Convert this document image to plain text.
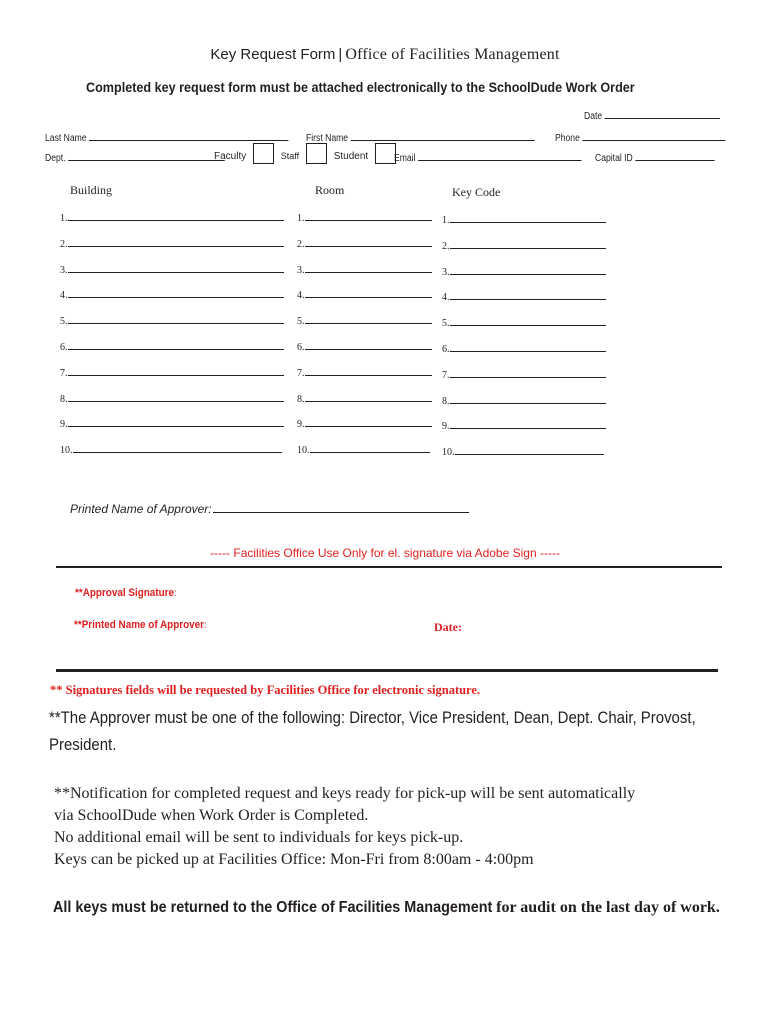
Key Request Form | Office of Facilities Management
Completed key request form must be attached electronically to the SchoolDude Work Order
Date
Last Name	First Name	Phone
Dept.	Faculty	Staff	Student	Email	Capital ID
Building	Room	Key Code
1.	1.	1.
2.	2.	2.
3.	3.	3.
4.	4.	4.
5.	5.	5.
6.	6.	6.
7.	7.	7.
8.	8.	8.
9.	9.	9.
10.	10.	10.
Printed Name of Approver:
----- Facilities Office Use Only for el. signature via Adobe Sign -----
**Approval Signature:
**Printed Name of Approver:	Date:
** Signatures fields will be requested by Facilities Office for electronic signature.
**The Approver must be one of the following: Director, Vice President, Dean, Dept. Chair, Provost, President.
**Notification for completed request and keys ready for pick-up will be sent automatically
via SchoolDude when Work Order is Completed.
No additional email will be sent to individuals for keys pick-up.
Keys can be picked up at Facilities Office: Mon-Fri from 8:00am - 4:00pm
All keys must be returned to the Office of Facilities Management for audit on the last day of work.
